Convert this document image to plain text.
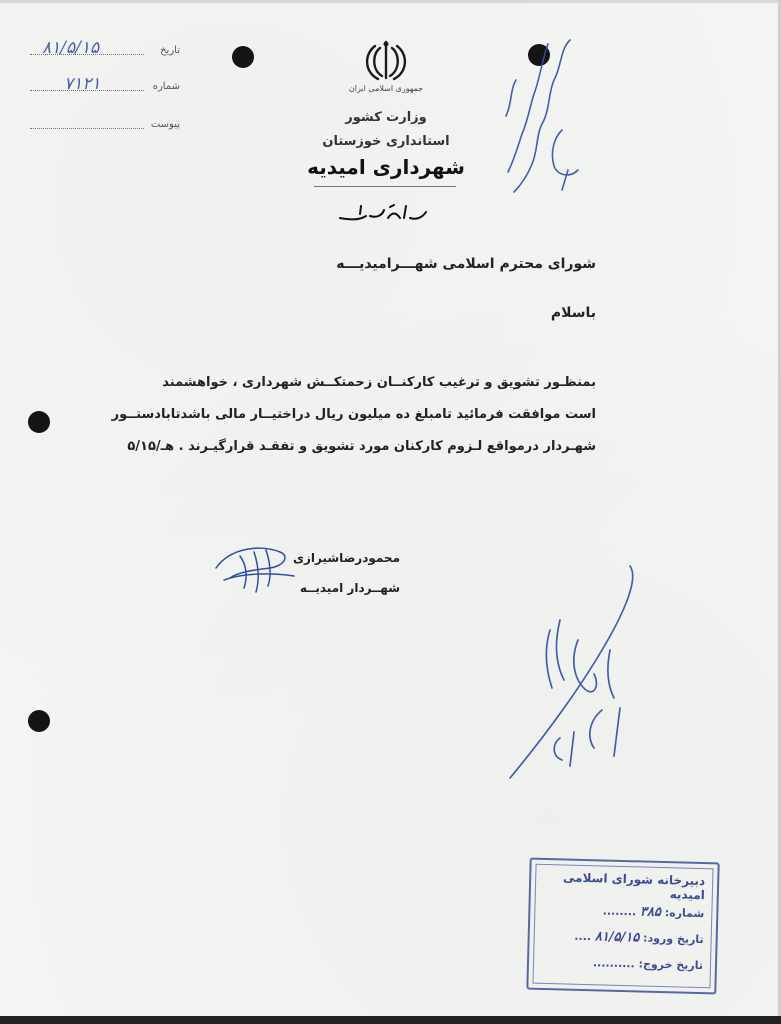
۸۱/۵/۱۵	تاریخ
۷۱۲۱	شماره
پیوست
جمهوری اسلامی ایران
وزارت کشور
استانداری خوزستان
شهرداری امیدیه
شورای محترم اسلامی شهـــرامیدیـــه
باسلام
بمنظـور تشویق و ترغیب کارکنــان زحمتکــش شهرداری ، خواهشمند
است موافقت فرمائید تامبلغ ده میلیون ریال دراختیــار مالی باشدتابادستــور
شهـردار درمواقع لـزوم کارکنان مورد تشویق و تفقـد قرارگیـرند . هـ/۵/۱۵
محمودرضاشیرازی
شهــردار امیدیــه
دبیرخانه شورای اسلامی امیدیه
شماره: ۳۸۵ ........
تاریخ ورود: ۸۱/۵/۱۵ ....
تاریخ خروج: ..........
